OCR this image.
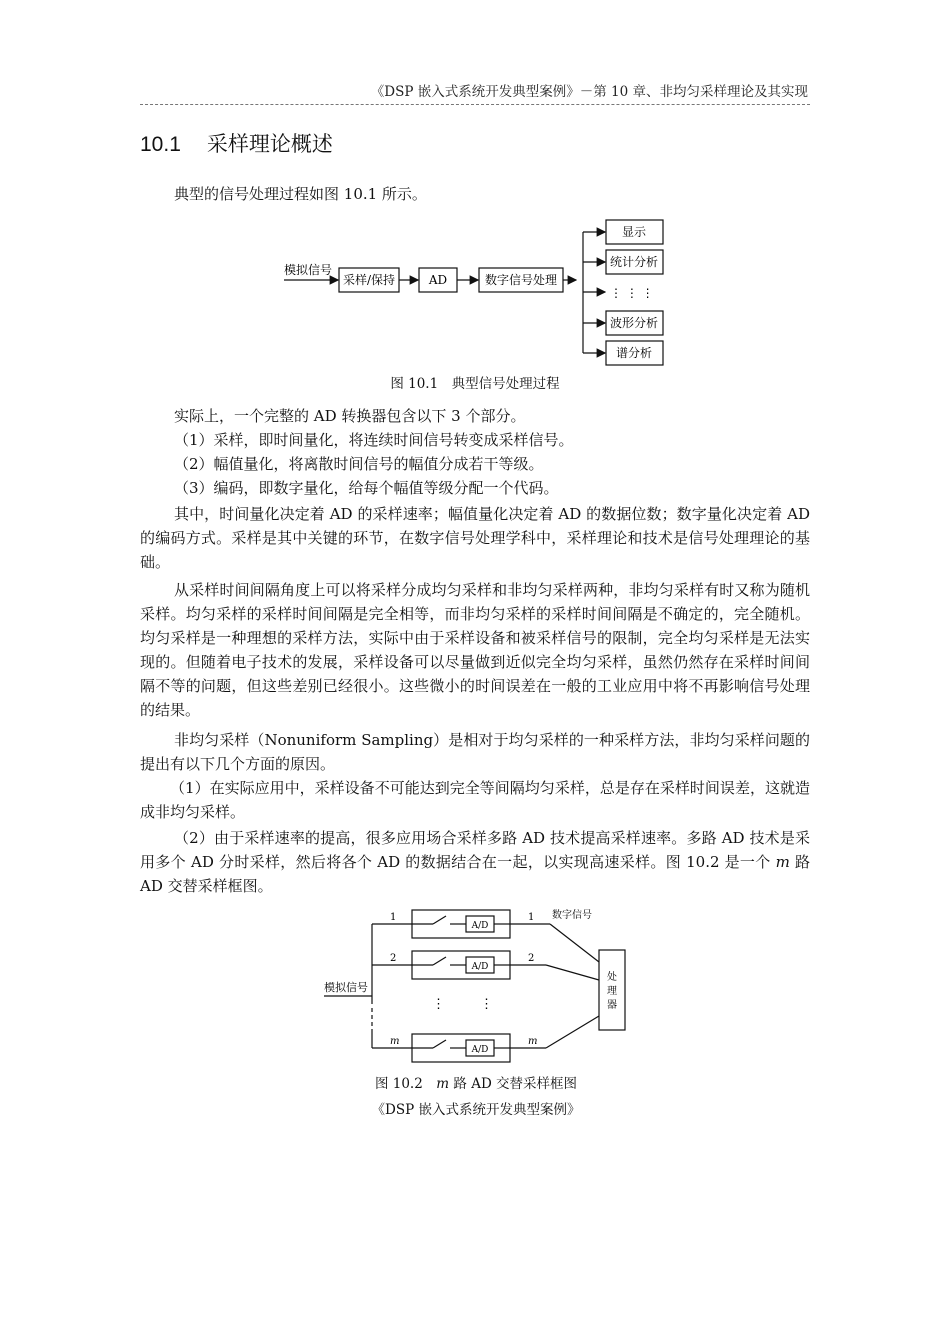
《DSP 嵌入式系统开发典型案例》－第 10 章、非均匀采样理论及其实现
10.1 采样理论概述

典型的信号处理过程如图 10.1 所示。

模拟信号
采样/保持	AD	数字信号处理
显示
统计分析
⋮ ⋮ ⋮
波形分析
谱分析
图 10.1　典型信号处理过程

实际上，一个完整的 AD 转换器包含以下 3 个部分。

（1）采样，即时间量化，将连续时间信号转变成采样信号。

（2）幅值量化，将离散时间信号的幅值分成若干等级。

（3）编码，即数字量化，给每个幅值等级分配一个代码。

其中，时间量化决定着 AD 的采样速率；幅值量化决定着 AD 的数据位数；数字量化决定着 AD 的编码方式。采样是其中关键的环节，在数字信号处理学科中，采样理论和技术是信号处理理论的基础。

从采样时间间隔角度上可以将采样分成均匀采样和非均匀采样两种，非均匀采样有时又称为随机采样。均匀采样的采样时间间隔是完全相等，而非均匀采样的采样时间间隔是不确定的，完全随机。均匀采样是一种理想的采样方法，实际中由于采样设备和被采样信号的限制，完全均匀采样是无法实现的。但随着电子技术的发展，采样设备可以尽量做到近似完全均匀采样，虽然仍然存在采样时间间隔不等的问题，但这些差别已经很小。这些微小的时间误差在一般的工业应用中将不再影响信号处理的结果。

非均匀采样（Nonuniform Sampling）是相对于均匀采样的一种采样方法，非均匀采样问题的提出有以下几个方面的原因。

（1）在实际应用中，采样设备不可能达到完全等间隔均匀采样，总是存在采样时间误差，这就造成非均匀采样。

（2）由于采样速率的提高，很多应用场合采样多路 AD 技术提高采样速率。多路 AD 技术是采用多个 AD 分时采样，然后将各个 AD 的数据结合在一起，以实现高速采样。图 10.2 是一个 m 路 AD 交替采样框图。

模拟信号
1
A/D
1 数字信号
2
A/D
2
⋮	⋮
m
A/D
m
处
理
器
图 10.2　m 路 AD 交替采样框图
《DSP 嵌入式系统开发典型案例》
